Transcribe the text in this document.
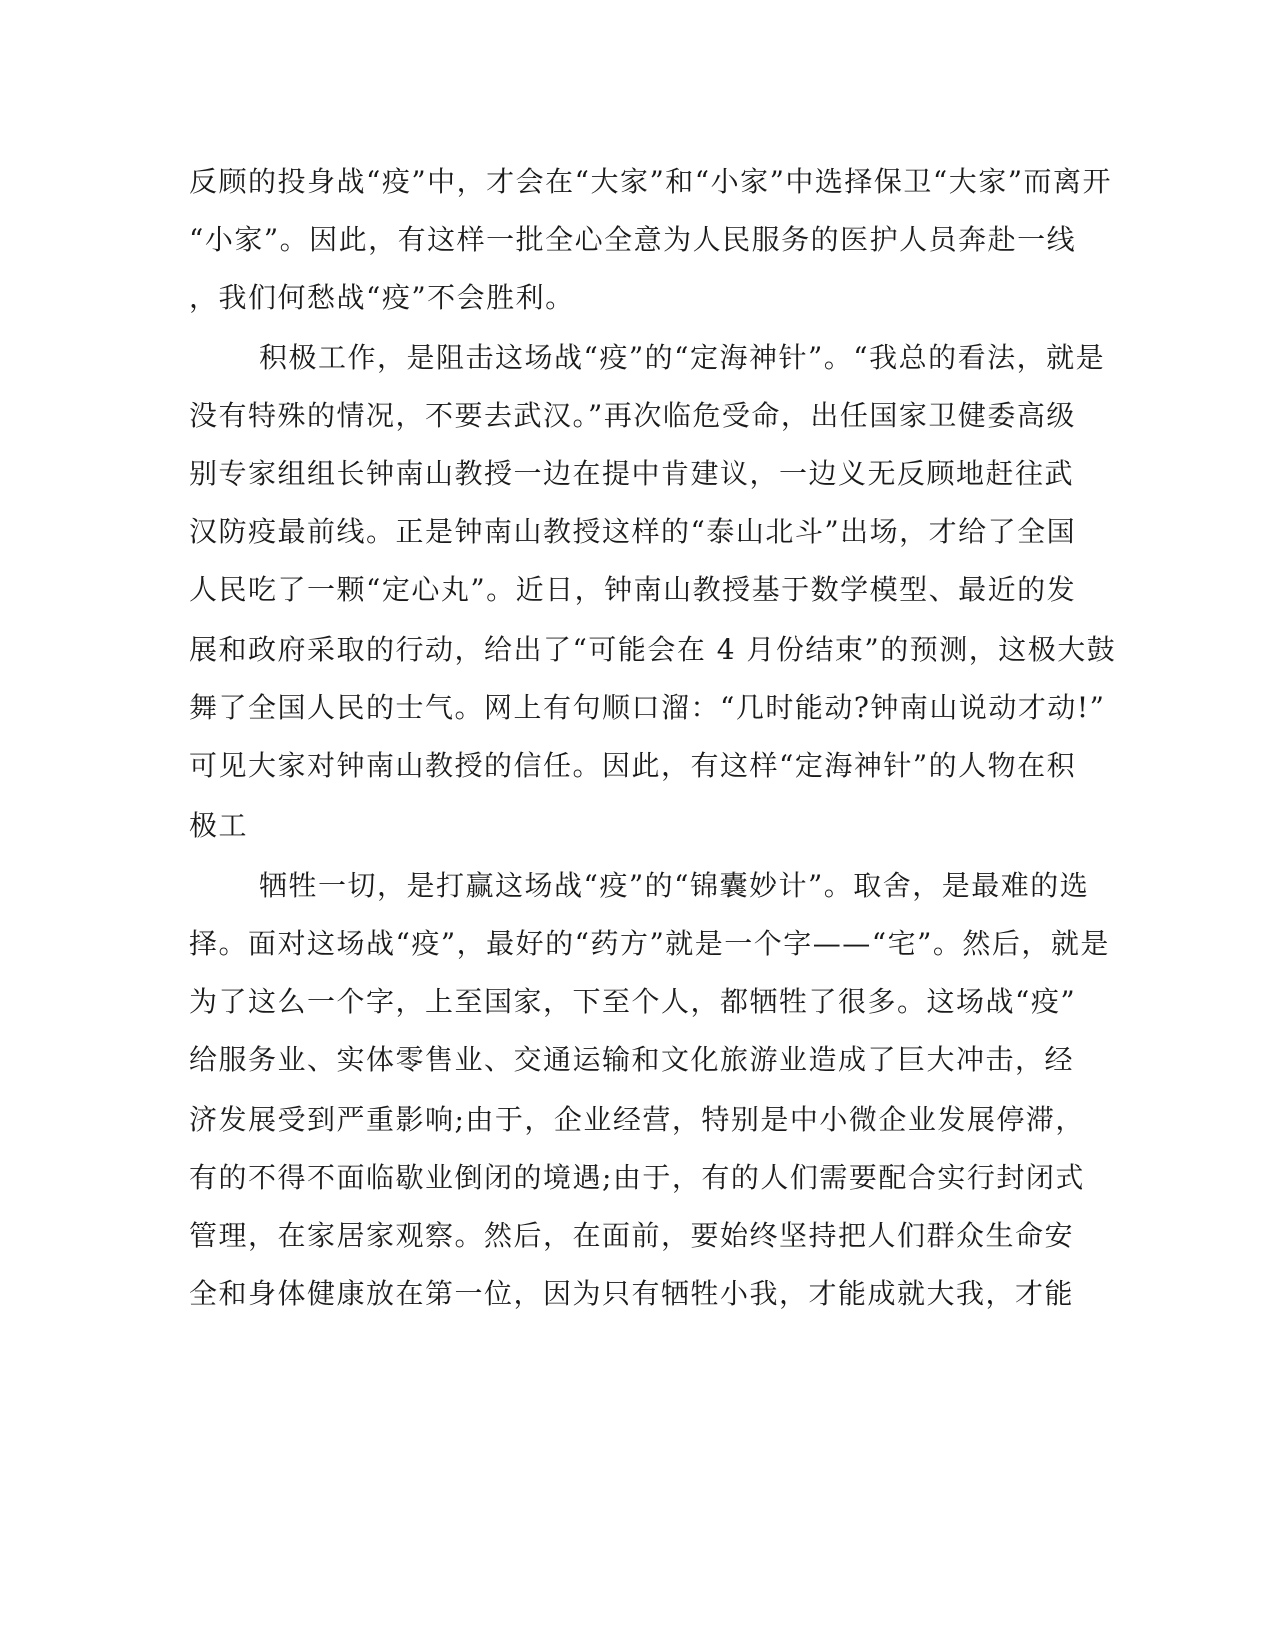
反顾的投身战“疫”中，才会在“大家”和“小家”中选择保卫“大家”而离开
“小家”。因此，有这样一批全心全意为人民服务的医护人员奔赴一线
，我们何愁战“疫”不会胜利。
积极工作，是阻击这场战“疫”的“定海神针”。“我总的看法，就是
没有特殊的情况，不要去武汉。”再次临危受命，出任国家卫健委高级
别专家组组长钟南山教授一边在提中肯建议，一边义无反顾地赶往武
汉防疫最前线。正是钟南山教授这样的“泰山北斗”出场，才给了全国
人民吃了一颗“定心丸”。近日，钟南山教授基于数学模型、最近的发
展和政府采取的行动，给出了“可能会在 4 月份结束”的预测，这极大鼓
舞了全国人民的士气。网上有句顺口溜：“几时能动?钟南山说动才动!”
可见大家对钟南山教授的信任。因此，有这样“定海神针”的人物在积
极工
牺牲一切，是打赢这场战“疫”的“锦囊妙计”。取舍，是最难的选
择。面对这场战“疫”，最好的“药方”就是一个字——“宅”。然后，就是
为了这么一个字，上至国家，下至个人，都牺牲了很多。这场战“疫”
给服务业、实体零售业、交通运输和文化旅游业造成了巨大冲击，经
济发展受到严重影响;由于，企业经营，特别是中小微企业发展停滞，
有的不得不面临歇业倒闭的境遇;由于，有的人们需要配合实行封闭式
管理，在家居家观察。然后，在面前，要始终坚持把人们群众生命安
全和身体健康放在第一位，因为只有牺牲小我，才能成就大我，才能
